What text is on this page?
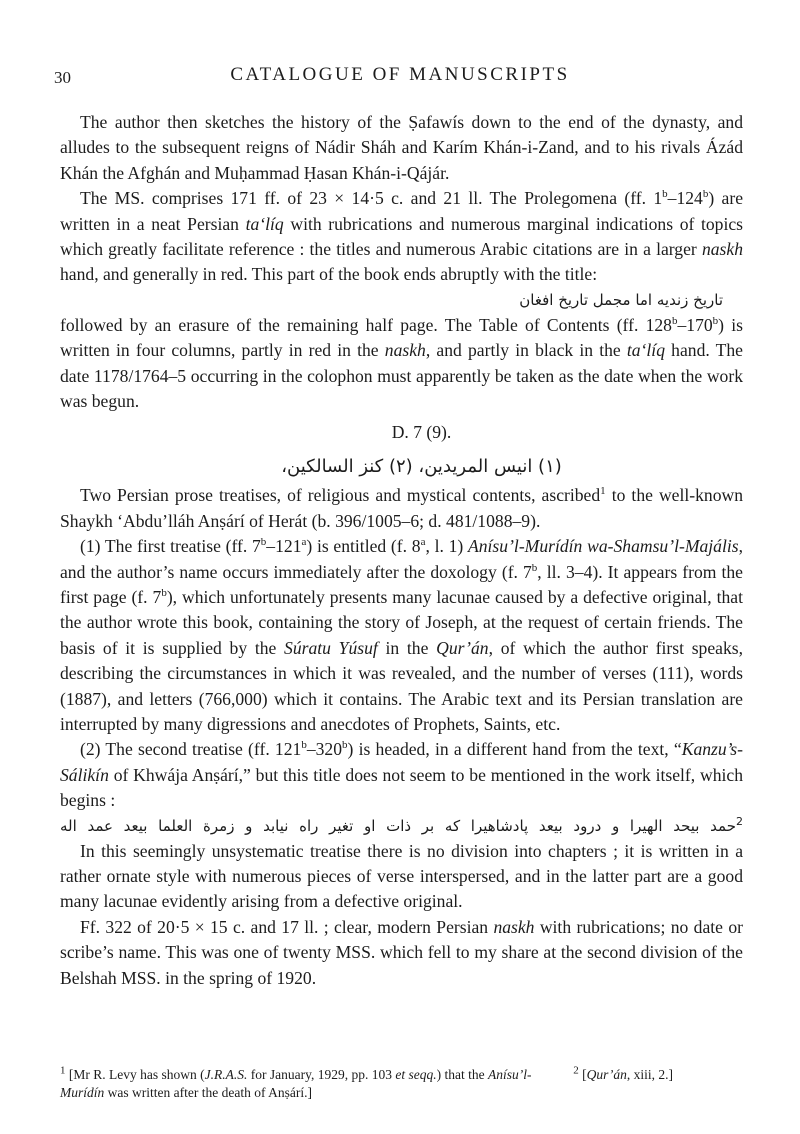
30	CATALOGUE OF MANUSCRIPTS

The author then sketches the history of the Ṣafawís down to the end of the dynasty, and alludes to the subsequent reigns of Nádir Sháh and Karím Khán-i-Zand, and to his rivals Ázád Khán the Afghán and Muḥammad Ḥasan Khán-i-Qájár.

The MS. comprises 171 ff. of 23 × 14·5 c. and 21 ll. The Prolegomena (ff. 1$^b$–124$^b$) are written in a neat Persian ta‘líq with rubrications and numerous marginal indications of topics which greatly facilitate reference : the titles and numerous Arabic citations are in a larger naskh hand, and generally in red. This part of the book ends abruptly with the title:

تاريخ زنديه اما مجمل تاريخ افغان

followed by an erasure of the remaining half page. The Table of Contents (ff. 128$^b$–170$^b$) is written in four columns, partly in red in the naskh, and partly in black in the ta‘líq hand. The date 1178/1764–5 occurring in the colophon must apparently be taken as the date when the work was begun.

D. 7 (9).
(١) انيس المريدين، (٢) كنز السالكين،

Two Persian prose treatises, of religious and mystical contents, ascribed$^1$ to the well-known Shaykh ‘Abdu’lláh Anṣárí of Herát (b. 396/1005–6; d. 481/1088–9).

(1) The first treatise (ff. 7$^b$–121$^a$) is entitled (f. 8$^a$, l. 1) Anísu’l-Murídín wa-Shamsu’l-Majális, and the author’s name occurs immediately after the doxology (f. 7$^b$, ll. 3–4). It appears from the first page (f. 7$^b$), which unfortunately presents many lacunae caused by a defective original, that the author wrote this book, containing the story of Joseph, at the request of certain friends. The basis of it is supplied by the Súratu Yúsuf in the Qur’án, of which the author first speaks, describing the circumstances in which it was revealed, and the number of verses (111), words (1887), and letters (766,000) which it contains. The Arabic text and its Persian translation are interrupted by many digressions and anecdotes of Prophets, Saints, etc.

(2) The second treatise (ff. 121$^b$–320$^b$) is headed, in a different hand from the text, “Kanzu’s-Sálikín of Khwája Anṣárí,” but this title does not seem to be mentioned in the work itself, which begins :

$^2$حمد بیحد الهیرا و درود بیعد پادشاهیرا که بر ذات او تغیر راه نیابد و زمرة العلما بیعد عمد اله

In this seemingly unsystematic treatise there is no division into chapters ; it is written in a rather ornate style with numerous pieces of verse interspersed, and in the latter part are a good many lacunae evidently arising from a defective original.

Ff. 322 of 20·5 × 15 c. and 17 ll. ; clear, modern Persian naskh with rubrications; no date or scribe’s name. This was one of twenty MSS. which fell to my share at the second division of the Belshah MSS. in the spring of 1920.

$^2$ [Qur’án, xiii, 2.]

$^1$ [Mr R. Levy has shown (J.R.A.S. for January, 1929, pp. 103 et seqq.) that the Anísu’l-Murídín was written after the death of Anṣárí.]
